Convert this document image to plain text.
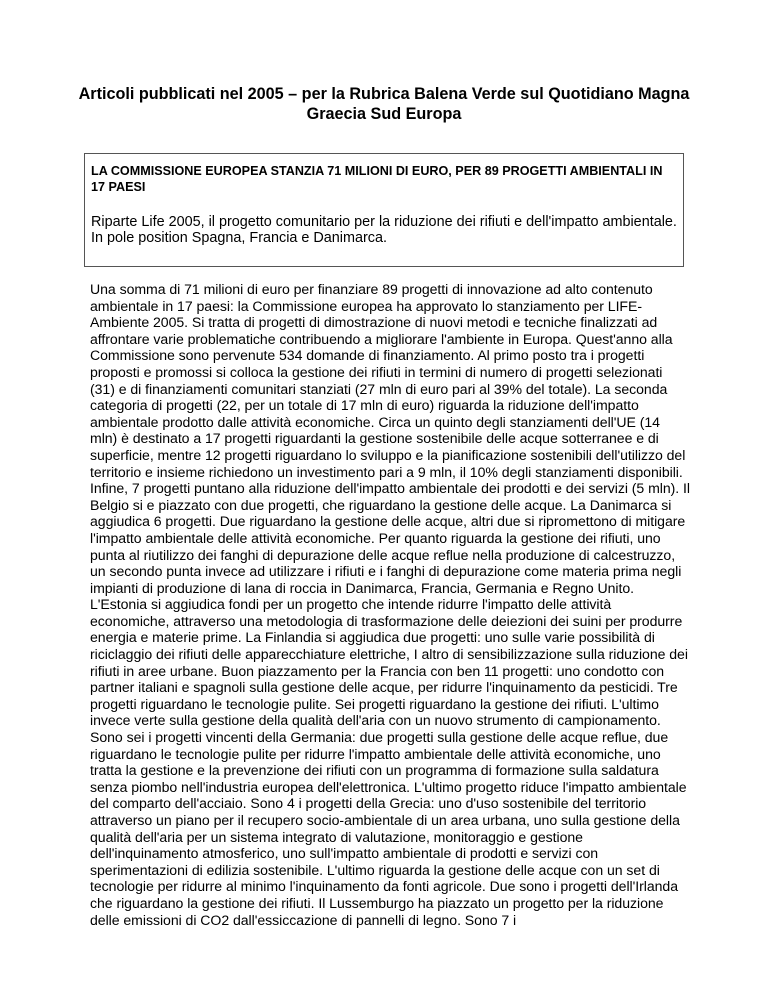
Articoli pubblicati nel 2005 – per la Rubrica Balena Verde sul Quotidiano Magna Graecia Sud Europa

LA COMMISSIONE EUROPEA STANZIA 71 MILIONI DI EURO, PER 89 PROGETTI AMBIENTALI IN 17 PAESI

Riparte Life 2005, il progetto comunitario per la riduzione dei rifiuti e dell'impatto ambientale. In pole position Spagna, Francia e Danimarca.

Una somma di 71 milioni di euro per finanziare 89 progetti di innovazione ad alto contenuto ambientale in 17 paesi: la Commissione europea ha approvato lo stanziamento per LIFE-Ambiente 2005. Si tratta di progetti di dimostrazione di nuovi metodi e tecniche finalizzati ad affrontare varie problematiche contribuendo a migliorare l'ambiente in Europa. Quest'anno alla Commissione sono pervenute 534 domande di finanziamento. Al primo posto tra i progetti proposti e promossi si colloca la gestione dei rifiuti in termini di numero di progetti selezionati (31) e di finanziamenti comunitari stanziati (27 mln di euro pari al 39% del totale). La seconda categoria di progetti (22, per un totale di 17 mln di euro) riguarda la riduzione dell'impatto ambientale prodotto dalle attività economiche. Circa un quinto degli stanziamenti dell'UE (14 mln) è destinato a 17 progetti riguardanti la gestione sostenibile delle acque sotterranee e di superficie, mentre 12 progetti riguardano lo sviluppo e la pianificazione sostenibili dell'utilizzo del territorio e insieme richiedono un investimento pari a 9 mln, il 10% degli stanziamenti disponibili. Infine, 7 progetti puntano alla riduzione dell'impatto ambientale dei prodotti e dei servizi (5 mln). Il Belgio si e piazzato con due progetti, che riguardano la gestione delle acque. La Danimarca si aggiudica 6 progetti. Due riguardano la gestione delle acque, altri due si ripromettono di mitigare l'impatto ambientale delle attività economiche. Per quanto riguarda la gestione dei rifiuti, uno punta al riutilizzo dei fanghi di depurazione delle acque reflue nella produzione di calcestruzzo, un secondo punta invece ad utilizzare i rifiuti e i fanghi di depurazione come materia prima negli impianti di produzione di lana di roccia in Danimarca, Francia, Germania e Regno Unito. L'Estonia si aggiudica fondi per un progetto che intende ridurre l'impatto delle attività economiche, attraverso una metodologia di trasformazione delle deiezioni dei suini per produrre energia e materie prime. La Finlandia si aggiudica due progetti: uno sulle varie possibilità di riciclaggio dei rifiuti delle apparecchiature elettriche, I altro di sensibilizzazione sulla riduzione dei rifiuti in aree urbane. Buon piazzamento per la Francia con ben 11 progetti: uno condotto con partner italiani e spagnoli sulla gestione delle acque, per ridurre l'inquinamento da pesticidi. Tre progetti riguardano le tecnologie pulite. Sei progetti riguardano la gestione dei rifiuti. L'ultimo invece verte sulla gestione della qualità dell'aria con un nuovo strumento di campionamento. Sono sei i progetti vincenti della Germania: due progetti sulla gestione delle acque reflue, due riguardano le tecnologie pulite per ridurre l'impatto ambientale delle attività economiche, uno tratta la gestione e la prevenzione dei rifiuti con un programma di formazione sulla saldatura senza piombo nell'industria europea dell'elettronica. L'ultimo progetto riduce l'impatto ambientale del comparto dell'acciaio. Sono 4 i progetti della Grecia: uno d'uso sostenibile del territorio attraverso un piano per il recupero socio-ambientale di un area urbana, uno sulla gestione della qualità dell'aria per un sistema integrato di valutazione, monitoraggio e gestione dell'inquinamento atmosferico, uno sull'impatto ambientale di prodotti e servizi con sperimentazioni di edilizia sostenibile. L'ultimo riguarda la gestione delle acque con un set di tecnologie per ridurre al minimo l'inquinamento da fonti agricole. Due sono i progetti dell'Irlanda che riguardano la gestione dei rifiuti. Il Lussemburgo ha piazzato un progetto per la riduzione delle emissioni di CO2 dall'essiccazione di pannelli di legno. Sono 7 i
